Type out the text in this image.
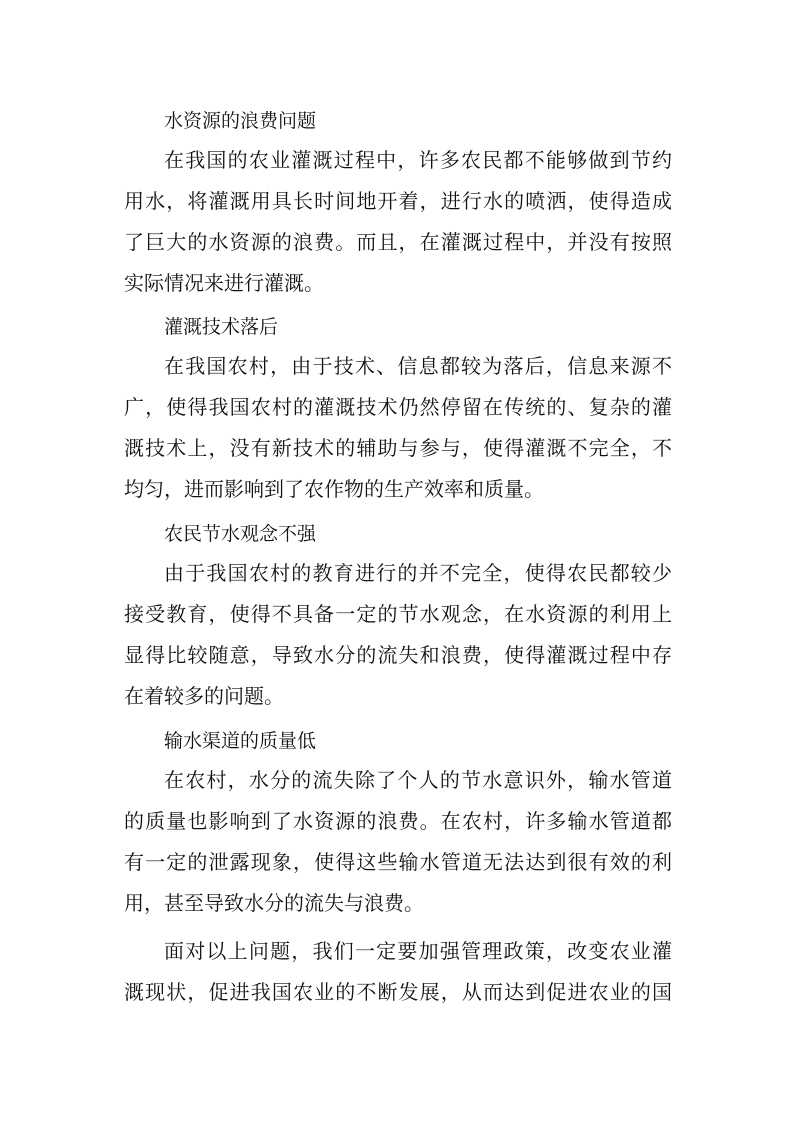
水资源的浪费问题
在我国的农业灌溉过程中，许多农民都不能够做到节约
用水，将灌溉用具长时间地开着，进行水的喷洒，使得造成
了巨大的水资源的浪费。而且，在灌溉过程中，并没有按照
实际情况来进行灌溉。
灌溉技术落后
在我国农村，由于技术、信息都较为落后，信息来源不
广，使得我国农村的灌溉技术仍然停留在传统的、复杂的灌
溉技术上，没有新技术的辅助与参与，使得灌溉不完全，不
均匀，进而影响到了农作物的生产效率和质量。
农民节水观念不强
由于我国农村的教育进行的并不完全，使得农民都较少
接受教育，使得不具备一定的节水观念，在水资源的利用上
显得比较随意，导致水分的流失和浪费，使得灌溉过程中存
在着较多的问题。
输水渠道的质量低
在农村，水分的流失除了个人的节水意识外，输水管道
的质量也影响到了水资源的浪费。在农村，许多输水管道都
有一定的泄露现象，使得这些输水管道无法达到很有效的利
用，甚至导致水分的流失与浪费。
面对以上问题，我们一定要加强管理政策，改变农业灌
溉现状，促进我国农业的不断发展，从而达到促进农业的国
